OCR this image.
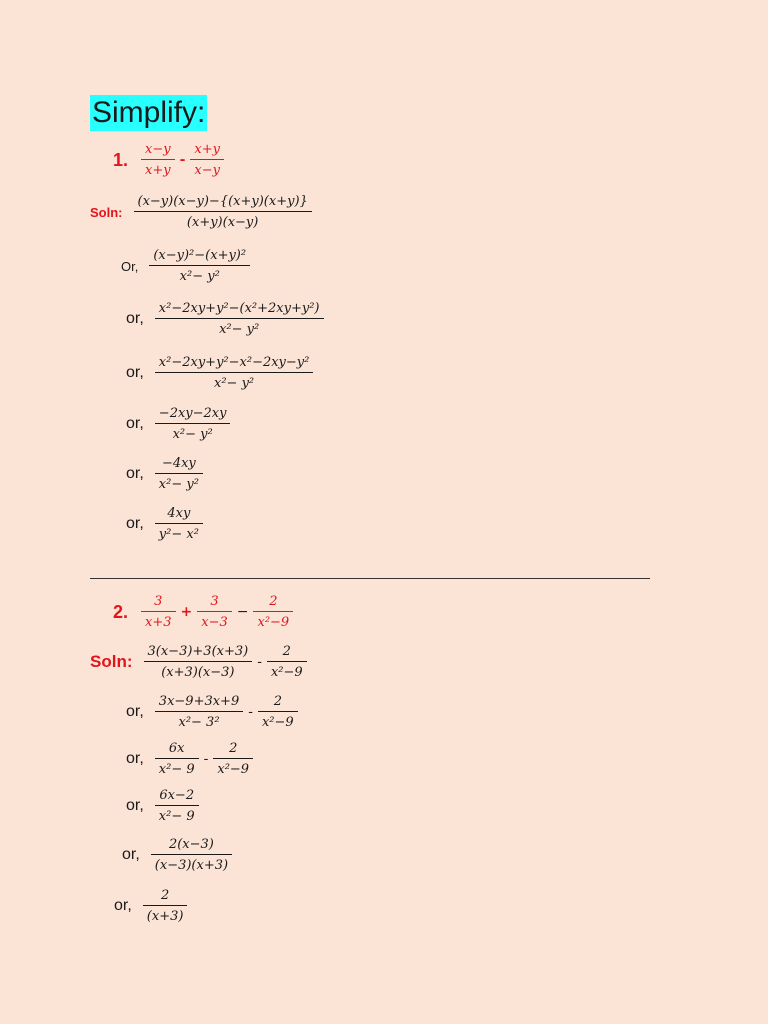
Simplify:
1. $\frac{x-y}{x+y} - \frac{x+y}{x-y}$
Soln: $\frac{(x-y)(x-y)-\{(x+y)(x+y)\}}{(x+y)(x-y)}$
Or, $\frac{\text{(x−y)²−(x+y)²}}{\text{x²− y²}}$
or, $\frac{\text{x²−2xy+y²−(x²+2xy+y²)}}{\text{x²− y²}}$
or, $\frac{\text{x²−2xy+y²−x²−2xy−y²}}{\text{x²− y²}}$
or, $\frac{-2xy-2xy}{\text{x²− y²}}$
or, $\frac{-4xy}{\text{x²− y²}}$
or, $\frac{4xy}{\text{y²− x²}}$
2. $\frac{3}{x+3} + \frac{3}{x-3} - \frac{2}{\text{x²−9}}$
Soln: $\frac{3(x-3)+3(x+3)}{(x+3)(x-3)} - \frac{2}{\text{x²−9}}$
or, $\frac{3x-9+3x+9}{\text{x²− 3²}} - \frac{2}{\text{x²−9}}$
or, $\frac{6x}{\text{x²− 9}} - \frac{2}{\text{x²−9}}$
or, $\frac{6x-2}{\text{x²− 9}}$
or, $\frac{2(x-3)}{(x-3)(x+3)}$
or, $\frac{2}{(x+3)}$
